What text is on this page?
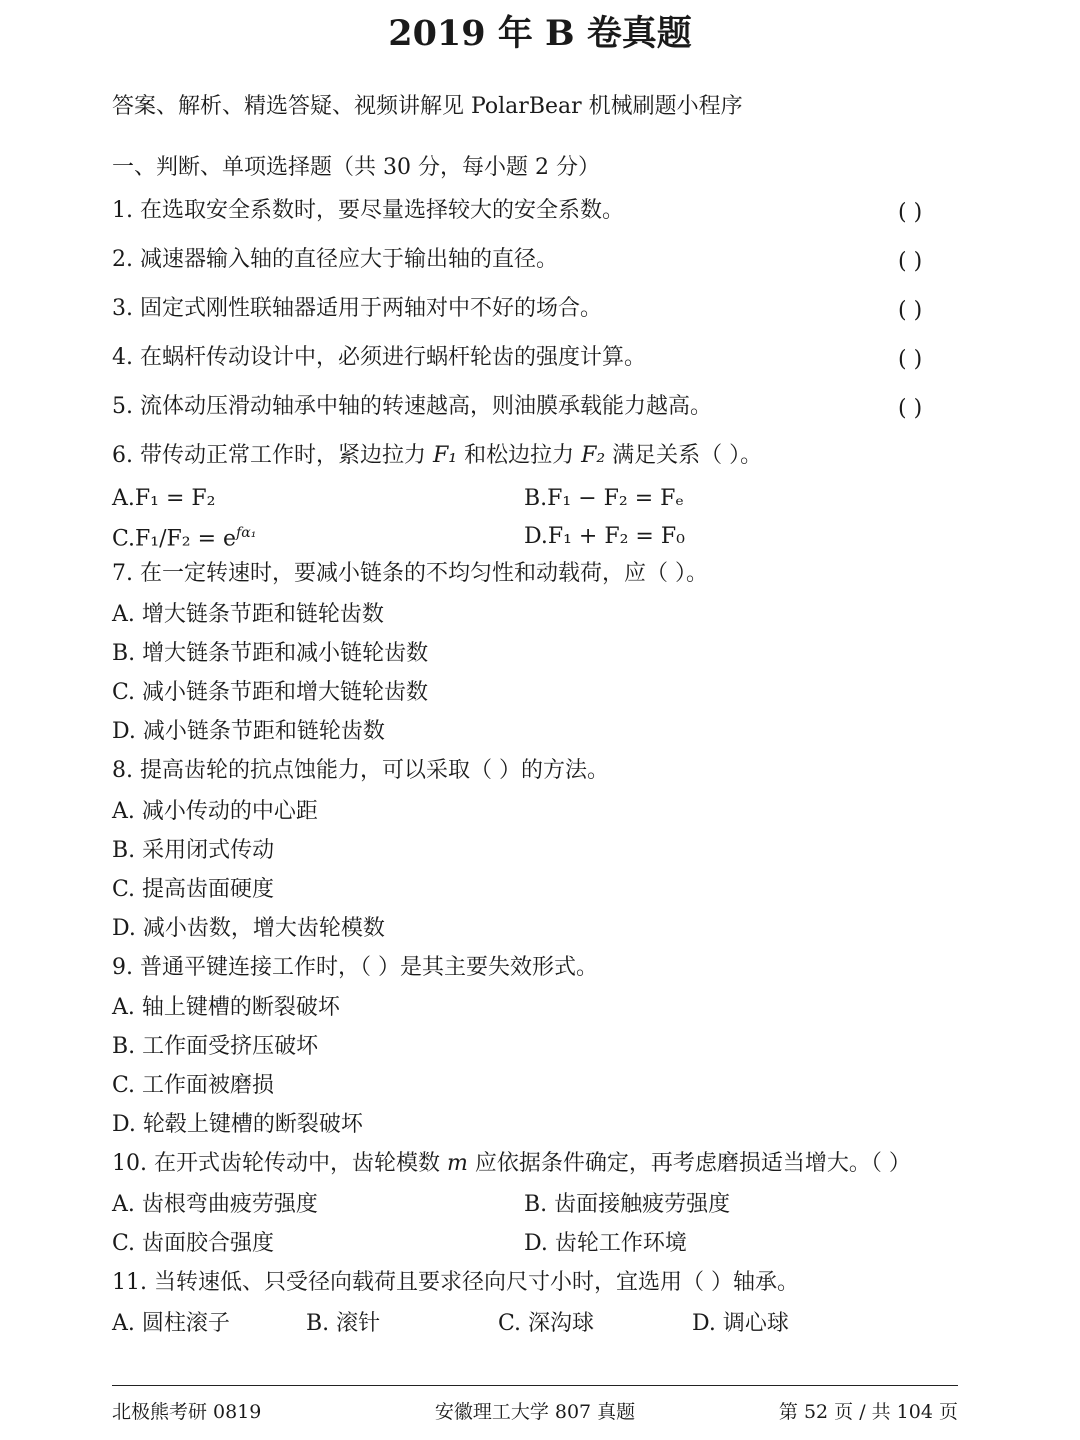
2019 年 B 卷真题
答案、解析、精选答疑、视频讲解见 PolarBear 机械刷题小程序
一、判断、单项选择题（共 30 分，每小题 2 分）
1. 在选取安全系数时，要尽量选择较大的安全系数。	( )
2. 减速器输入轴的直径应大于输出轴的直径。	( )
3. 固定式刚性联轴器适用于两轴对中不好的场合。	( )
4. 在蜗杆传动设计中，必须进行蜗杆轮齿的强度计算。	( )
5. 流体动压滑动轴承中轴的转速越高，则油膜承载能力越高。	( )
6. 带传动正常工作时，紧边拉力 F₁ 和松边拉力 F₂ 满足关系（ ）。
A.F₁ = F₂	B.F₁ − F₂ = Fₑ
$C.F_1/F_2 = e^{f\alpha_1}$	D.F₁ + F₂ = F₀
7. 在一定转速时，要减小链条的不均匀性和动载荷，应（ ）。
A. 增大链条节距和链轮齿数
B. 增大链条节距和减小链轮齿数
C. 减小链条节距和增大链轮齿数
D. 减小链条节距和链轮齿数
8. 提高齿轮的抗点蚀能力，可以采取（ ）的方法。
A. 减小传动的中心距
B. 采用闭式传动
C. 提高齿面硬度
D. 减小齿数，增大齿轮模数
9. 普通平键连接工作时，（ ）是其主要失效形式。
A. 轴上键槽的断裂破坏
B. 工作面受挤压破坏
C. 工作面被磨损
D. 轮毂上键槽的断裂破坏
10. 在开式齿轮传动中，齿轮模数 m 应依据条件确定，再考虑磨损适当增大。（ ）
A. 齿根弯曲疲劳强度	B. 齿面接触疲劳强度
C. 齿面胶合强度	D. 齿轮工作环境
11. 当转速低、只受径向载荷且要求径向尺寸小时，宜选用（ ）轴承。
A. 圆柱滚子	B. 滚针	C. 深沟球	D. 调心球
北极熊考研 0819	安徽理工大学 807 真题	第 52 页 / 共 104 页
